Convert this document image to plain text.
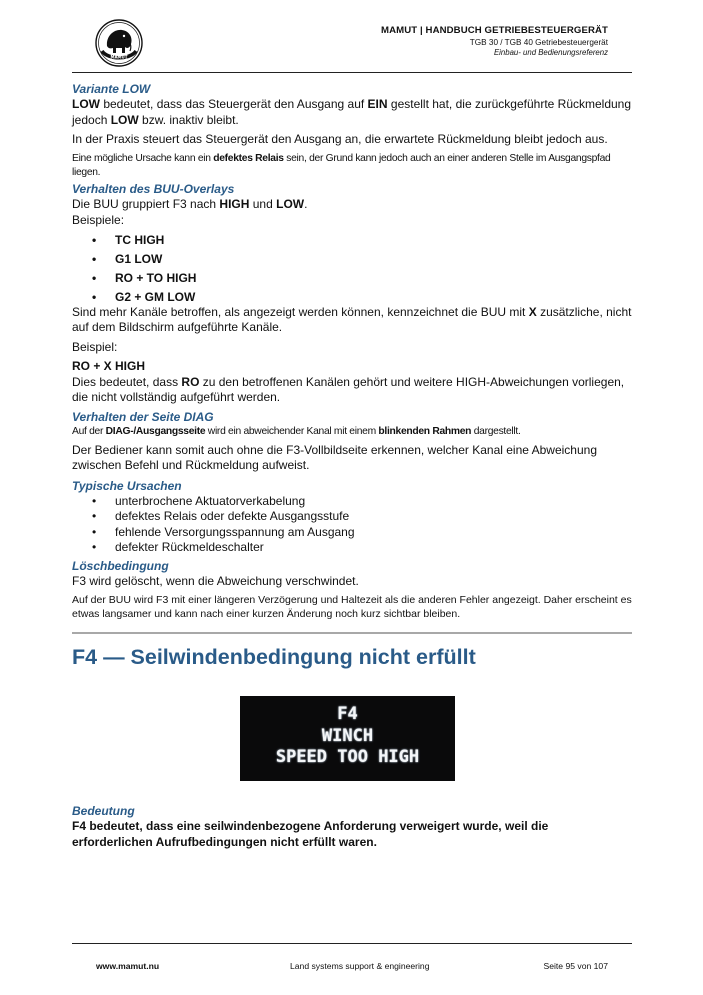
MAMUT
MAMUT | HANDBUCH GETRIEBESTEUERGERÄT
TGB 30 / TGB 40 Getriebesteuergerät
Einbau- und Bedienungsreferenz
Variante LOW

LOW bedeutet, dass das Steuergerät den Ausgang auf EIN gestellt hat, die zurückgeführte Rückmeldung jedoch LOW bzw. inaktiv bleibt.

In der Praxis steuert das Steuergerät den Ausgang an, die erwartete Rückmeldung bleibt jedoch aus.

Eine mögliche Ursache kann ein defektes Relais sein, der Grund kann jedoch auch an einer anderen Stelle im Ausgangspfad liegen.

Verhalten des BUU-Overlays

Die BUU gruppiert F3 nach HIGH und LOW.

Beispiele:

• TC HIGH
• G1 LOW
• RO + TO HIGH
• G2 + GM LOW

Sind mehr Kanäle betroffen, als angezeigt werden können, kennzeichnet die BUU mit X zusätzliche, nicht auf dem Bildschirm aufgeführte Kanäle.

Beispiel:

RO + X HIGH

Dies bedeutet, dass RO zu den betroffenen Kanälen gehört und weitere HIGH-Abweichungen vorliegen, die nicht vollständig aufgeführt werden.

Verhalten der Seite DIAG

Auf der DIAG-/Ausgangsseite wird ein abweichender Kanal mit einem blinkenden Rahmen dargestellt.

Der Bediener kann somit auch ohne die F3-Vollbildseite erkennen, welcher Kanal eine Abweichung zwischen Befehl und Rückmeldung aufweist.

Typische Ursachen
• unterbrochene Aktuatorverkabelung
• defektes Relais oder defekte Ausgangsstufe
• fehlende Versorgungsspannung am Ausgang
• defekter Rückmeldeschalter
Löschbedingung

F3 wird gelöscht, wenn die Abweichung verschwindet.

Auf der BUU wird F3 mit einer längeren Verzögerung und Haltezeit als die anderen Fehler angezeigt. Daher erscheint es etwas langsamer und kann nach einer kurzen Änderung noch kurz sichtbar bleiben.

F4 — Seilwindenbedingung nicht erfüllt
F4
WINCH
SPEED TOO HIGH
Bedeutung

F4 bedeutet, dass eine seilwindenbezogene Anforderung verweigert wurde, weil die erforderlichen Aufrufbedingungen nicht erfüllt waren.

www.mamut.nu	Land systems support & engineering	Seite 95 von 107
